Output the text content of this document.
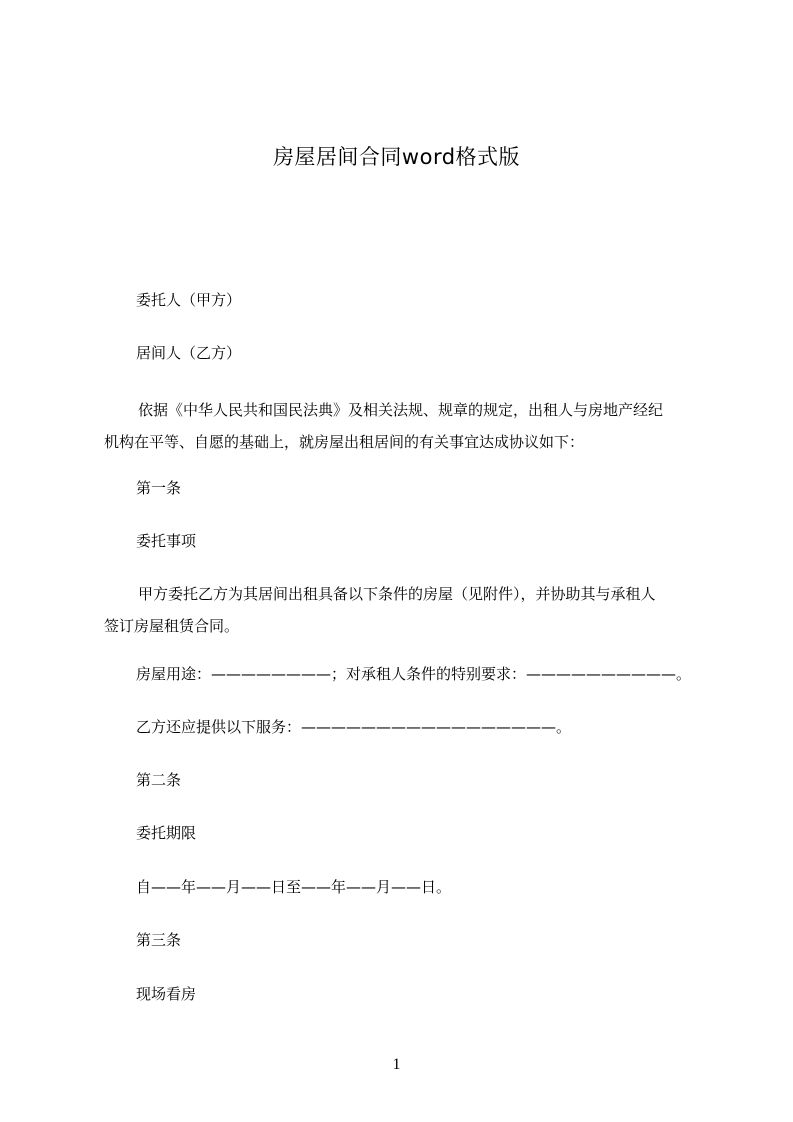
房屋居间合同word格式版
委托人（甲方）
居间人（乙方）
依据《中华人民共和国民法典》及相关法规、规章的规定，出租人与房地产经纪
机构在平等、自愿的基础上，就房屋出租居间的有关事宜达成协议如下：
第一条
委托事项
甲方委托乙方为其居间出租具备以下条件的房屋（见附件），并协助其与承租人
签订房屋租赁合同。
房屋用途：————————；对承租人条件的特别要求：——————————。
乙方还应提供以下服务：—————————————————。
第二条
委托期限
自——年——月——日至——年——月——日。
第三条
现场看房
1
